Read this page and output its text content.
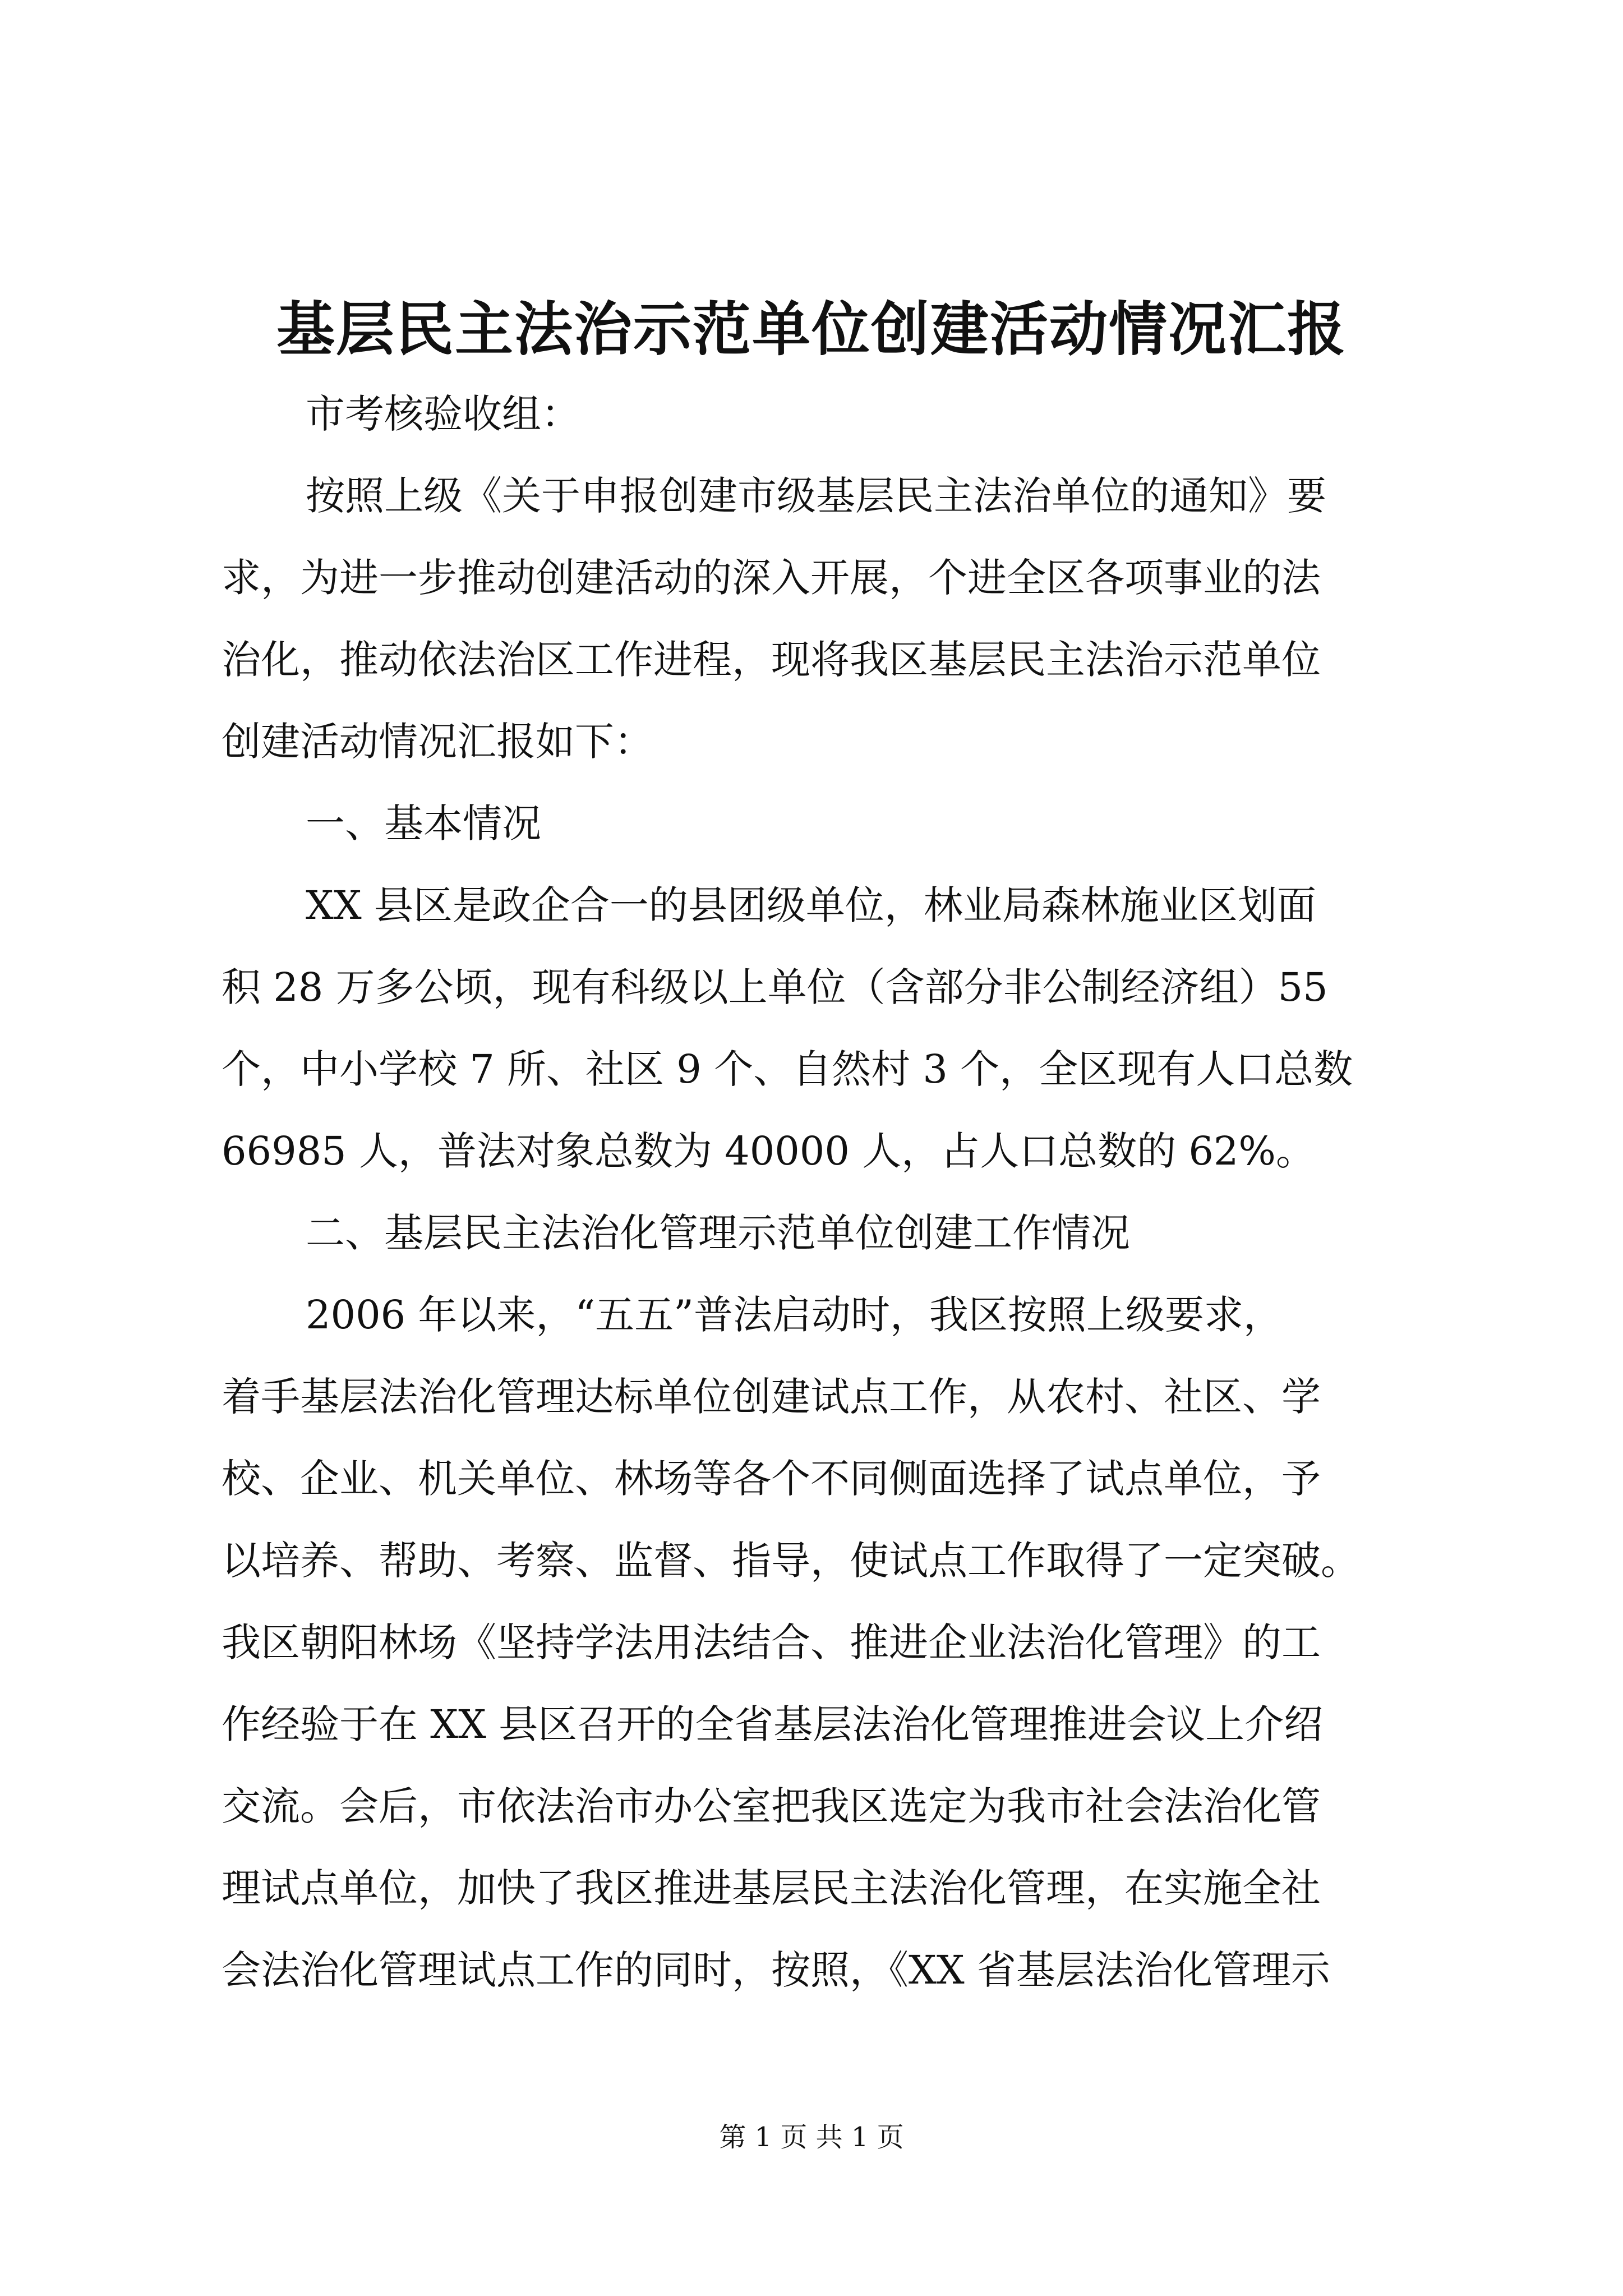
基层民主法治示范单位创建活动情况汇报
市考核验收组：
按照上级《关于申报创建市级基层民主法治单位的通知》要
求，为进一步推动创建活动的深入开展，个进全区各项事业的法
治化，推动依法治区工作进程，现将我区基层民主法治示范单位
创建活动情况汇报如下：
一、基本情况
XX 县区是政企合一的县团级单位，林业局森林施业区划面
积 28 万多公顷，现有科级以上单位（含部分非公制经济组）55
个，中小学校 7 所、社区 9 个、自然村 3 个，全区现有人口总数
66985 人，普法对象总数为 40000 人，占人口总数的 62%。
二、基层民主法治化管理示范单位创建工作情况
2006 年以来，“五五”普法启动时，我区按照上级要求，
着手基层法治化管理达标单位创建试点工作，从农村、社区、学
校、企业、机关单位、林场等各个不同侧面选择了试点单位，予
以培养、帮助、考察、监督、指导，使试点工作取得了一定突破。
我区朝阳林场《坚持学法用法结合、推进企业法治化管理》的工
作经验于在 XX 县区召开的全省基层法治化管理推进会议上介绍
交流。会后，市依法治市办公室把我区选定为我市社会法治化管
理试点单位，加快了我区推进基层民主法治化管理，在实施全社
会法治化管理试点工作的同时，按照，《XX 省基层法治化管理示
第 1 页 共 1 页
